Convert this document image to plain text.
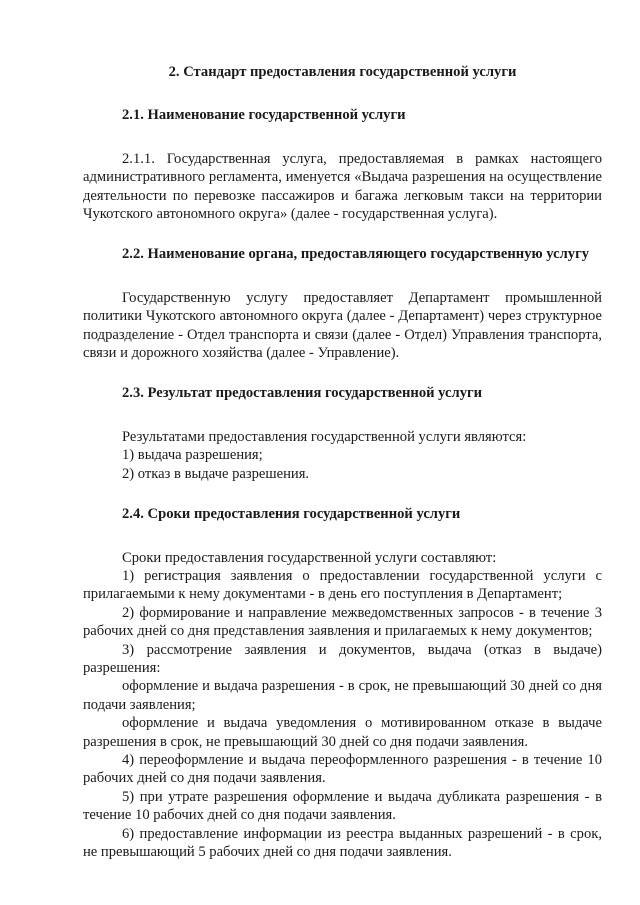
2. Стандарт предоставления государственной услуги

2.1. Наименование государственной услуги

2.1.1. Государственная услуга, предоставляемая в рамках настоящего административного регламента, именуется «Выдача разрешения на осуществление деятельности по перевозке пассажиров и багажа легковым такси на территории Чукотского автономного округа» (далее - государственная услуга).

2.2. Наименование органа, предоставляющего государственную услугу

Государственную услугу предоставляет Департамент промышленной политики Чукотского автономного округа (далее - Департамент) через структурное подразделение - Отдел транспорта и связи (далее - Отдел) Управления транспорта, связи и дорожного хозяйства (далее - Управление).

2.3. Результат предоставления государственной услуги

Результатами предоставления государственной услуги являются:

1) выдача разрешения;

2) отказ в выдаче разрешения.

2.4. Сроки предоставления государственной услуги

Сроки предоставления государственной услуги составляют:

1) регистрация заявления о предоставлении государственной услуги с прилагаемыми к нему документами - в день его поступления в Департамент;

2) формирование и направление межведомственных запросов - в течение 3 рабочих дней со дня представления заявления и прилагаемых к нему документов;

3) рассмотрение заявления и документов, выдача (отказ в выдаче) разрешения:

оформление и выдача разрешения - в срок, не превышающий 30 дней со дня подачи заявления;

оформление и выдача уведомления о мотивированном отказе в выдаче разрешения в срок, не превышающий 30 дней со дня подачи заявления.

4) переоформление и выдача переоформленного разрешения - в течение 10 рабочих дней со дня подачи заявления.

5) при утрате разрешения оформление и выдача дубликата разрешения - в течение 10 рабочих дней со дня подачи заявления.

6) предоставление информации из реестра выданных разрешений - в срок, не превышающий 5 рабочих дней со дня подачи заявления.
